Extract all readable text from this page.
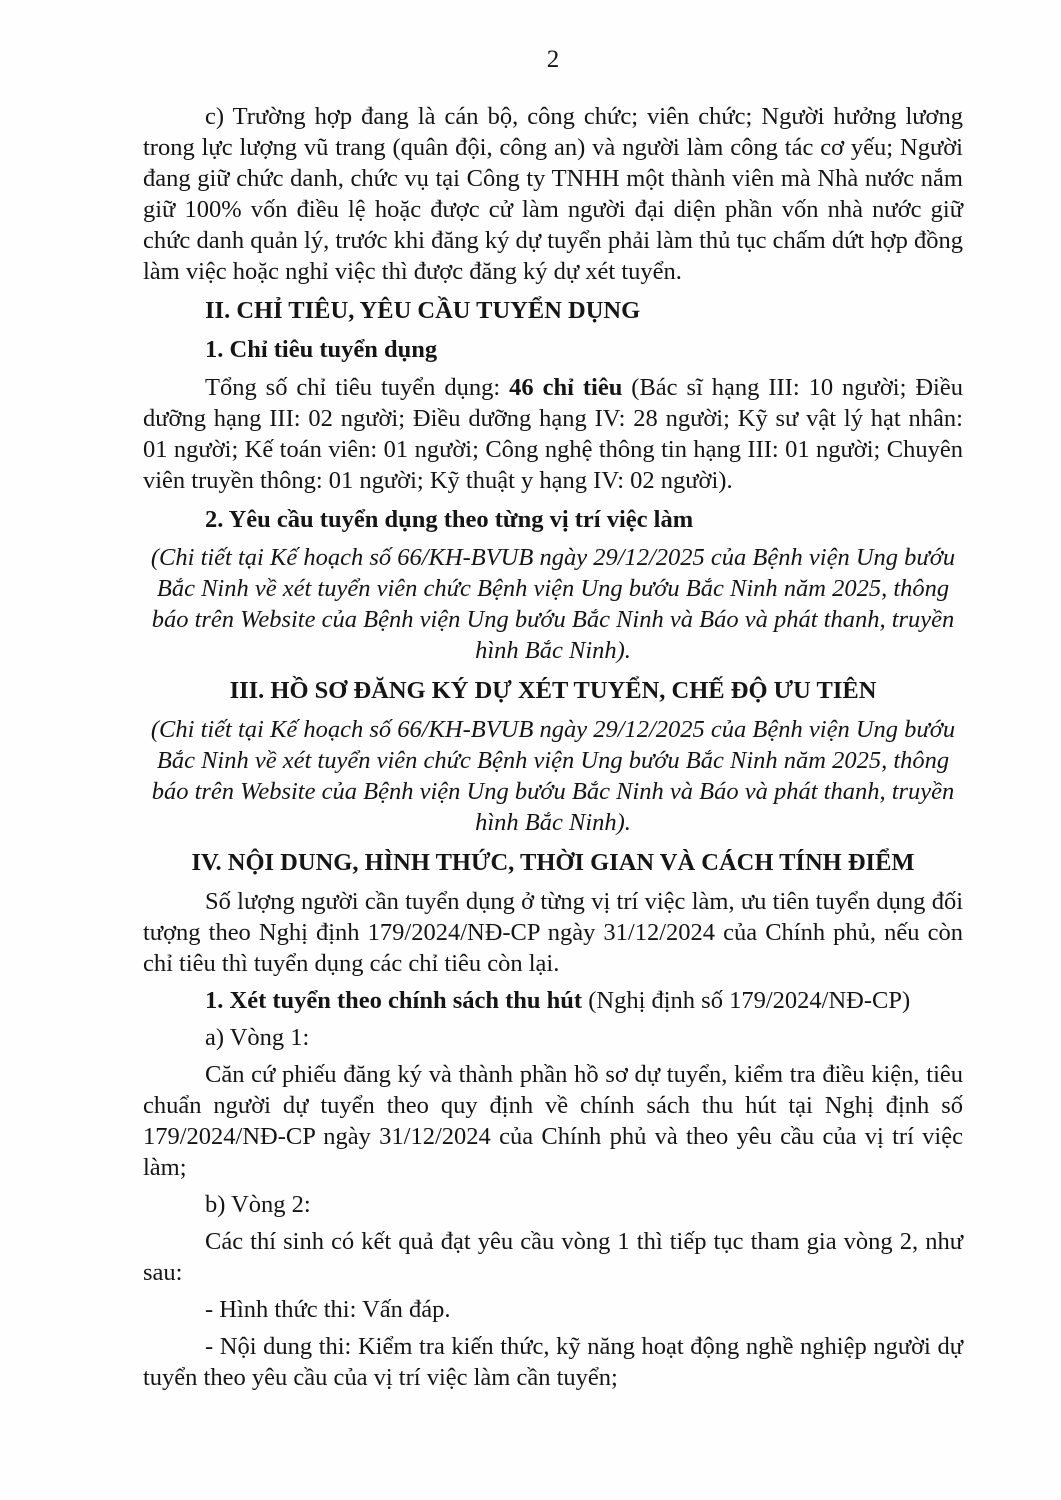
2

c) Trường hợp đang là cán bộ, công chức; viên chức; Người hưởng lương trong lực lượng vũ trang (quân đội, công an) và người làm công tác cơ yếu; Người đang giữ chức danh, chức vụ tại Công ty TNHH một thành viên mà Nhà nước nắm giữ 100% vốn điều lệ hoặc được cử làm người đại diện phần vốn nhà nước giữ chức danh quản lý, trước khi đăng ký dự tuyển phải làm thủ tục chấm dứt hợp đồng làm việc hoặc nghỉ việc thì được đăng ký dự xét tuyển.

II. CHỈ TIÊU, YÊU CẦU TUYỂN DỤNG

1. Chỉ tiêu tuyển dụng

Tổng số chỉ tiêu tuyển dụng: 46 chỉ tiêu (Bác sĩ hạng III: 10 người; Điều dưỡng hạng III: 02 người; Điều dưỡng hạng IV: 28 người; Kỹ sư vật lý hạt nhân: 01 người; Kế toán viên: 01 người; Công nghệ thông tin hạng III: 01 người; Chuyên viên truyền thông: 01 người; Kỹ thuật y hạng IV: 02 người).

2. Yêu cầu tuyển dụng theo từng vị trí việc làm

(Chi tiết tại Kế hoạch số 66/KH-BVUB ngày 29/12/2025 của Bệnh viện Ung bướu Bắc Ninh về xét tuyển viên chức Bệnh viện Ung bướu Bắc Ninh năm 2025, thông báo trên Website của Bệnh viện Ung bướu Bắc Ninh và Báo và phát thanh, truyền hình Bắc Ninh).

III. HỒ SƠ ĐĂNG KÝ DỰ XÉT TUYỂN, CHẾ ĐỘ ƯU TIÊN

(Chi tiết tại Kế hoạch số 66/KH-BVUB ngày 29/12/2025 của Bệnh viện Ung bướu Bắc Ninh về xét tuyển viên chức Bệnh viện Ung bướu Bắc Ninh năm 2025, thông báo trên Website của Bệnh viện Ung bướu Bắc Ninh và Báo và phát thanh, truyền hình Bắc Ninh).

IV. NỘI DUNG, HÌNH THỨC, THỜI GIAN VÀ CÁCH TÍNH ĐIỂM

Số lượng người cần tuyển dụng ở từng vị trí việc làm, ưu tiên tuyển dụng đối tượng theo Nghị định 179/2024/NĐ-CP ngày 31/12/2024 của Chính phủ, nếu còn chỉ tiêu thì tuyển dụng các chỉ tiêu còn lại.

1. Xét tuyển theo chính sách thu hút (Nghị định số 179/2024/NĐ-CP)

a) Vòng 1:

Căn cứ phiếu đăng ký và thành phần hồ sơ dự tuyển, kiểm tra điều kiện, tiêu chuẩn người dự tuyển theo quy định về chính sách thu hút tại Nghị định số 179/2024/NĐ-CP ngày 31/12/2024 của Chính phủ và theo yêu cầu của vị trí việc làm;

b) Vòng 2:

Các thí sinh có kết quả đạt yêu cầu vòng 1 thì tiếp tục tham gia vòng 2, như sau:

- Hình thức thi: Vấn đáp.

- Nội dung thi: Kiểm tra kiến thức, kỹ năng hoạt động nghề nghiệp người dự tuyển theo yêu cầu của vị trí việc làm cần tuyển;
